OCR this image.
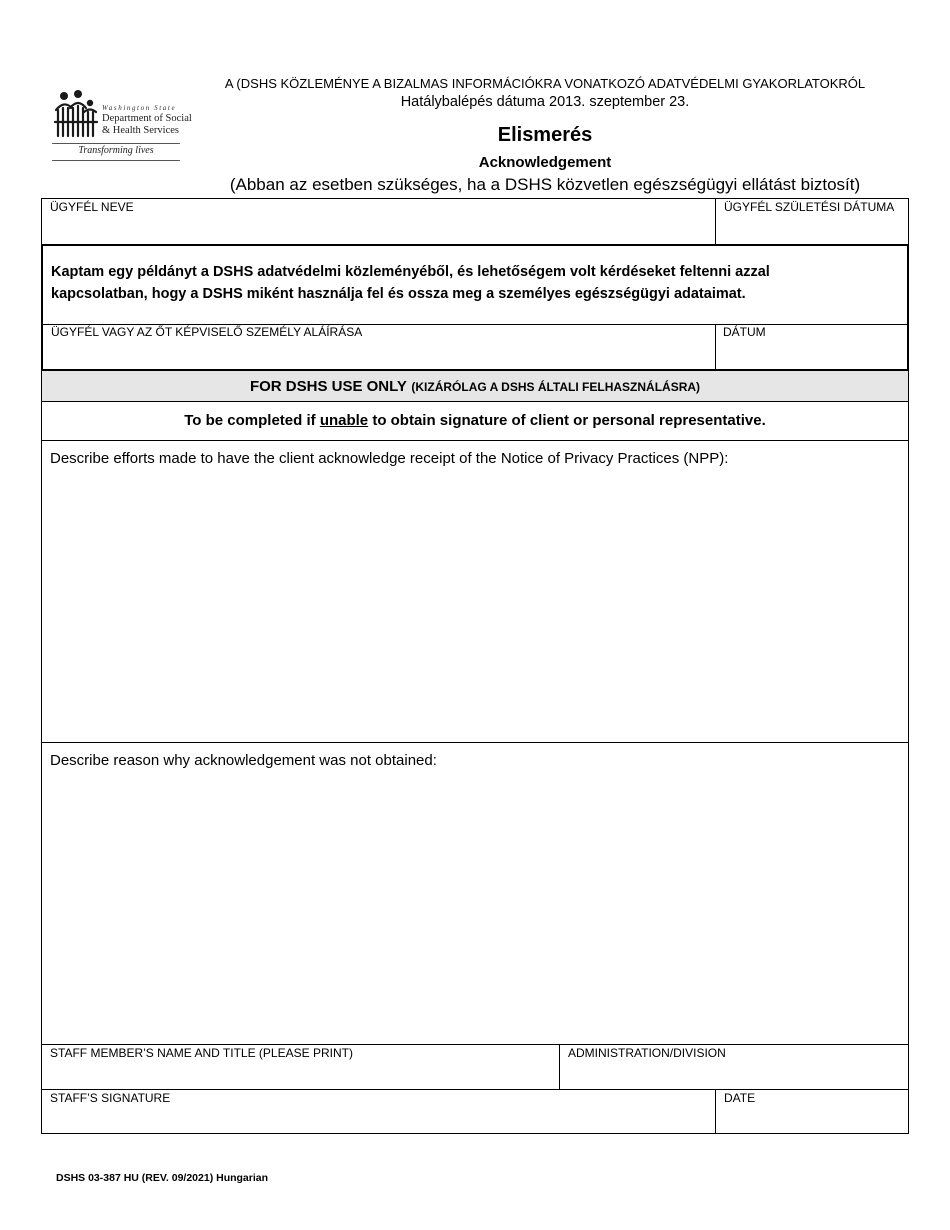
Washington State
Department of Social
& Health Services
Transforming lives
A (DSHS KÖZLEMÉNYE A BIZALMAS INFORMÁCIÓKRA VONATKOZÓ ADATVÉDELMI GYAKORLATOKRÓL
Hatálybalépés dátuma 2013. szeptember 23.
Elismerés
Acknowledgement
(Abban az esetben szükséges, ha a DSHS közvetlen egészségügyi ellátást biztosít)
ÜGYFÉL NEVE	ÜGYFÉL SZÜLETÉSI DÁTUMA
Kaptam egy példányt a DSHS adatvédelmi közleményéből, és lehetőségem volt kérdéseket feltenni azzal
kapcsolatban, hogy a DSHS miként használja fel és ossza meg a személyes egészségügyi adataimat.
ÜGYFÉL VAGY AZ ŐT KÉPVISELŐ SZEMÉLY ALÁÍRÁSA	DÁTUM
FOR DSHS USE ONLY (KIZÁRÓLAG A DSHS ÁLTALI FELHASZNÁLÁSRA)
To be completed if unable to obtain signature of client or personal representative.
Describe efforts made to have the client acknowledge receipt of the Notice of Privacy Practices (NPP):
Describe reason why acknowledgement was not obtained:
STAFF MEMBER’S NAME AND TITLE (PLEASE PRINT)	ADMINISTRATION/DIVISION
STAFF’S SIGNATURE	DATE
DSHS 03-387 HU (REV. 09/2021) Hungarian
